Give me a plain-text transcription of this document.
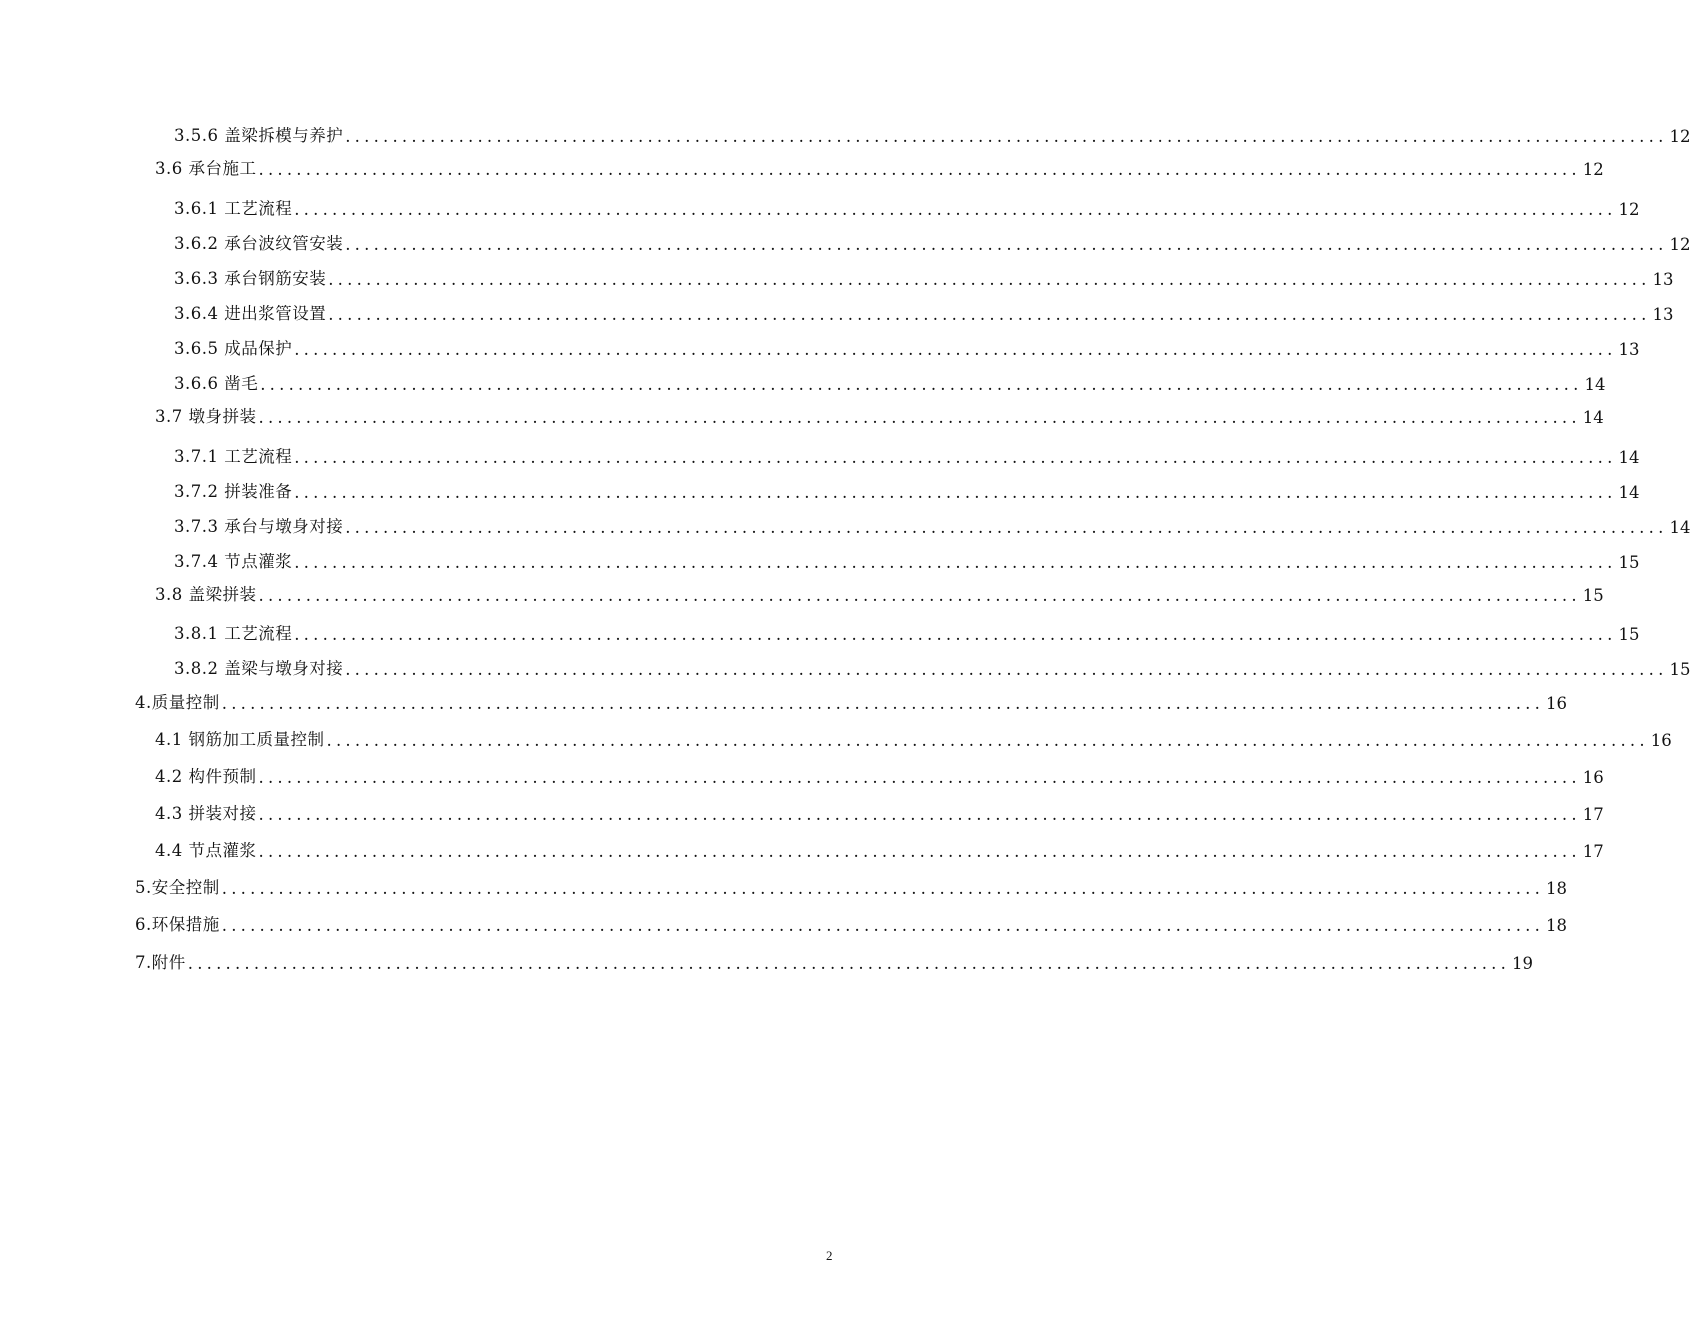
3.5.6 盖梁拆模与养护 ............................................................................................................................................ 12
3.6 承台施工 ............................................................................................................................................ 12
3.6.1 工艺流程 ............................................................................................................................................ 12
3.6.2 承台波纹管安装 ............................................................................................................................................ 12
3.6.3 承台钢筋安装 ............................................................................................................................................ 13
3.6.4 进出浆管设置 ............................................................................................................................................ 13
3.6.5 成品保护 ............................................................................................................................................ 13
3.6.6 凿毛 ............................................................................................................................................ 14
3.7 墩身拼装 ............................................................................................................................................ 14
3.7.1 工艺流程 ............................................................................................................................................ 14
3.7.2 拼装准备 ............................................................................................................................................ 14
3.7.3 承台与墩身对接 ............................................................................................................................................ 14
3.7.4 节点灌浆 ............................................................................................................................................ 15
3.8 盖梁拼装 ............................................................................................................................................ 15
3.8.1 工艺流程 ............................................................................................................................................ 15
3.8.2 盖梁与墩身对接 ............................................................................................................................................ 15
4.质量控制 ............................................................................................................................................ 16
4.1 钢筋加工质量控制 ............................................................................................................................................ 16
4.2 构件预制 ............................................................................................................................................ 16
4.3 拼装对接 ............................................................................................................................................ 17
4.4 节点灌浆 ............................................................................................................................................ 17
5.安全控制 ............................................................................................................................................ 18
6.环保措施 ............................................................................................................................................ 18
7.附件 ............................................................................................................................................ 19
2
